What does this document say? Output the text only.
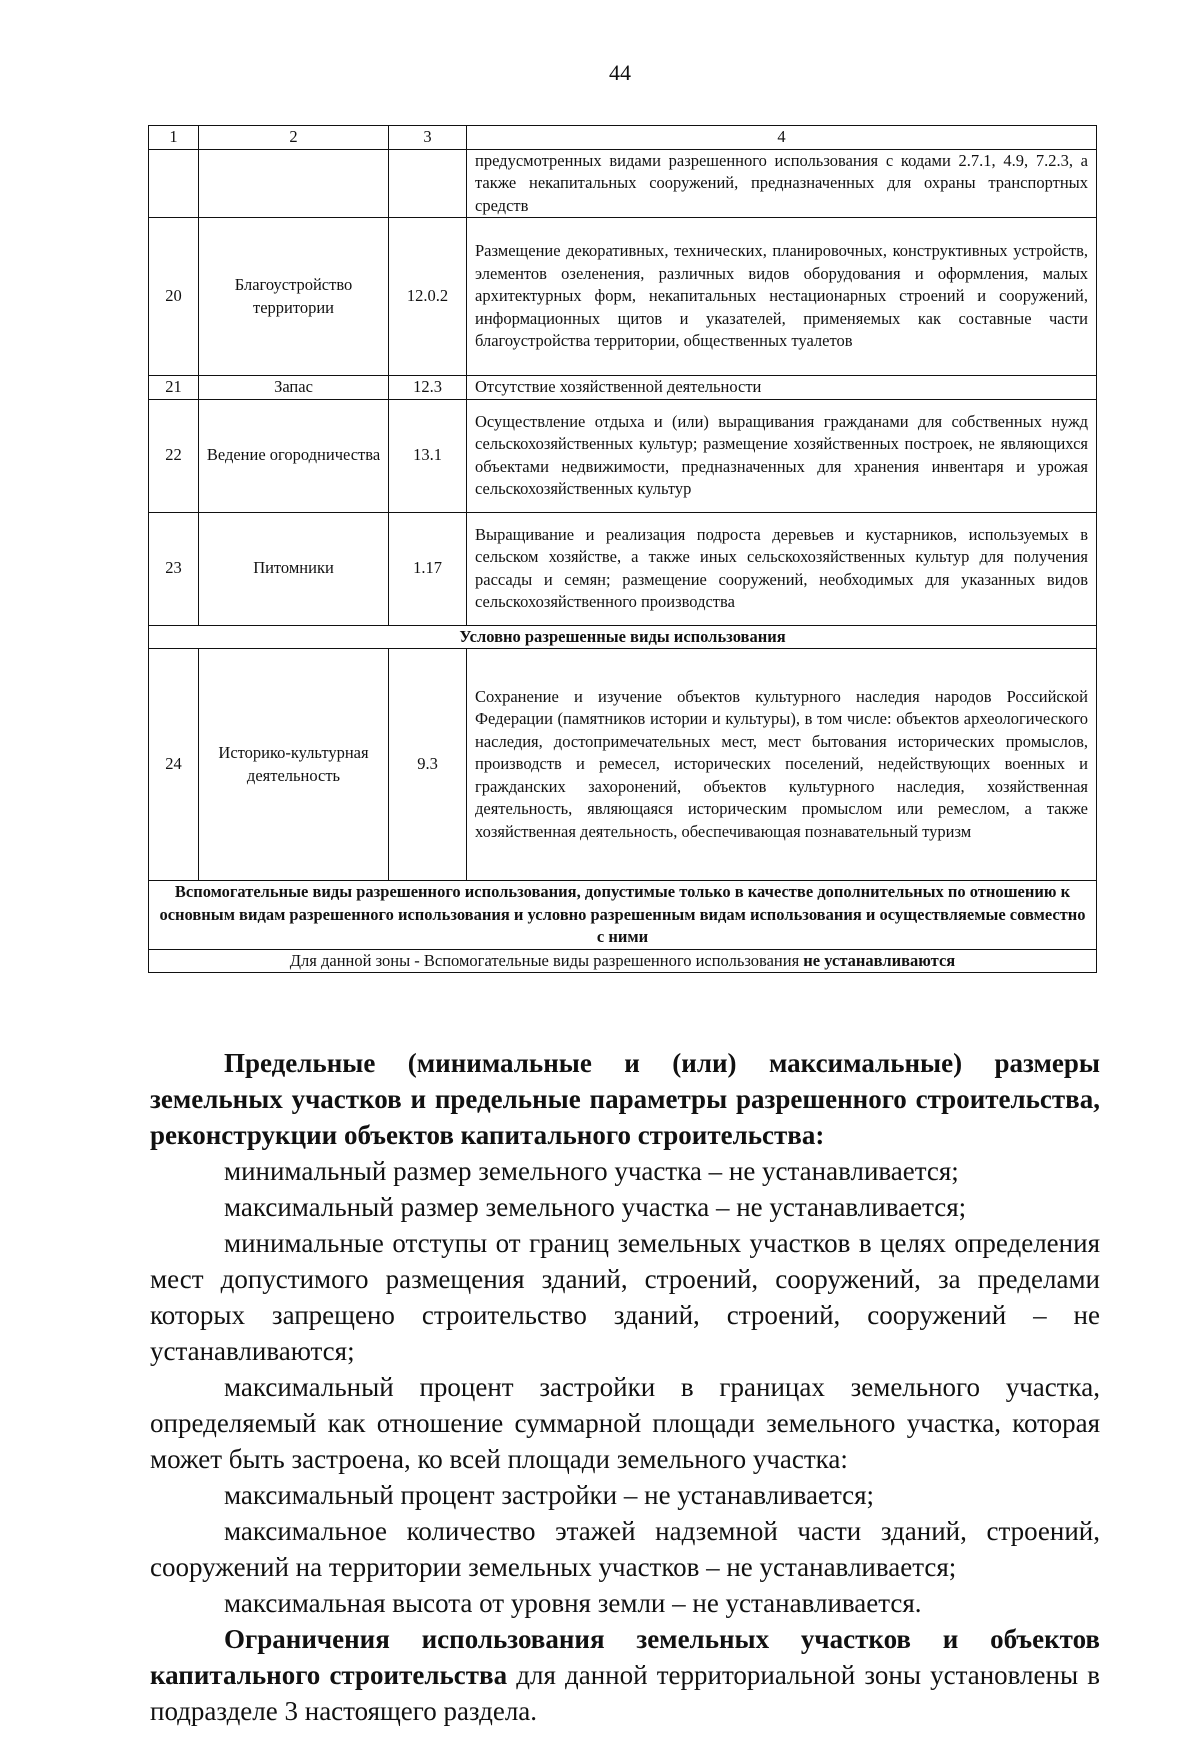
44
1	2	3	4
			предусмотренных видами разрешенного использования с кодами 2.7.1, 4.9, 7.2.3, а также некапитальных сооружений, предназначенных для охраны транспортных средств
20	Благоустройство территории	12.0.2	Размещение декоративных, технических, планировочных, конструктивных устройств, элементов озеленения, различных видов оборудования и оформления, малых архитектурных форм, некапитальных нестационарных строений и сооружений, информационных щитов и указателей, применяемых как составные части благоустройства территории, общественных туалетов
21	Запас	12.3	Отсутствие хозяйственной деятельности
22	Ведение огородничества	13.1	Осуществление отдыха и (или) выращивания гражданами для собственных нужд сельскохозяйственных культур; размещение хозяйственных построек, не являющихся объектами недвижимости, предназначенных для хранения инвентаря и урожая сельскохозяйственных культур
23	Питомники	1.17	Выращивание и реализация подроста деревьев и кустарников, используемых в сельском хозяйстве, а также иных сельскохозяйственных культур для получения рассады и семян; размещение сооружений, необходимых для указанных видов сельскохозяйственного производства
Условно разрешенные виды использования			
24	Историко-культурная деятельность	9.3	Сохранение и изучение объектов культурного наследия народов Российской Федерации (памятников истории и культуры), в том числе: объектов археологического наследия, достопримечательных мест, мест бытования исторических промыслов, производств и ремесел, исторических поселений, недействующих военных и гражданских захоронений, объектов культурного наследия, хозяйственная деятельность, являющаяся историческим промыслом или ремеслом, а также хозяйственная деятельность, обеспечивающая познавательный туризм
Вспомогательные виды разрешенного использования, допустимые только в качестве дополнительных по отношению к основным видам разрешенного использования и условно разрешенным видам использования и осуществляемые совместно с ними			
Для данной зоны - Вспомогательные виды разрешенного использования не устанавливаются			

Предельные (минимальные и (или) максимальные) размеры земельных участков и предельные параметры разрешенного строительства, реконструкции объектов капитального строительства:

минимальный размер земельного участка – не устанавливается;

максимальный размер земельного участка – не устанавливается;

минимальные отступы от границ земельных участков в целях определения мест допустимого размещения зданий, строений, сооружений, за пределами которых запрещено строительство зданий, строений, сооружений – не устанавливаются;

максимальный процент застройки в границах земельного участка, определяемый как отношение суммарной площади земельного участка, которая может быть застроена, ко всей площади земельного участка:

максимальный процент застройки – не устанавливается;

максимальное количество этажей надземной части зданий, строений, сооружений на территории земельных участков – не устанавливается;

максимальная высота от уровня земли – не устанавливается.

Ограничения использования земельных участков и объектов капитального строительства для данной территориальной зоны установлены в подразделе 3 настоящего раздела.
